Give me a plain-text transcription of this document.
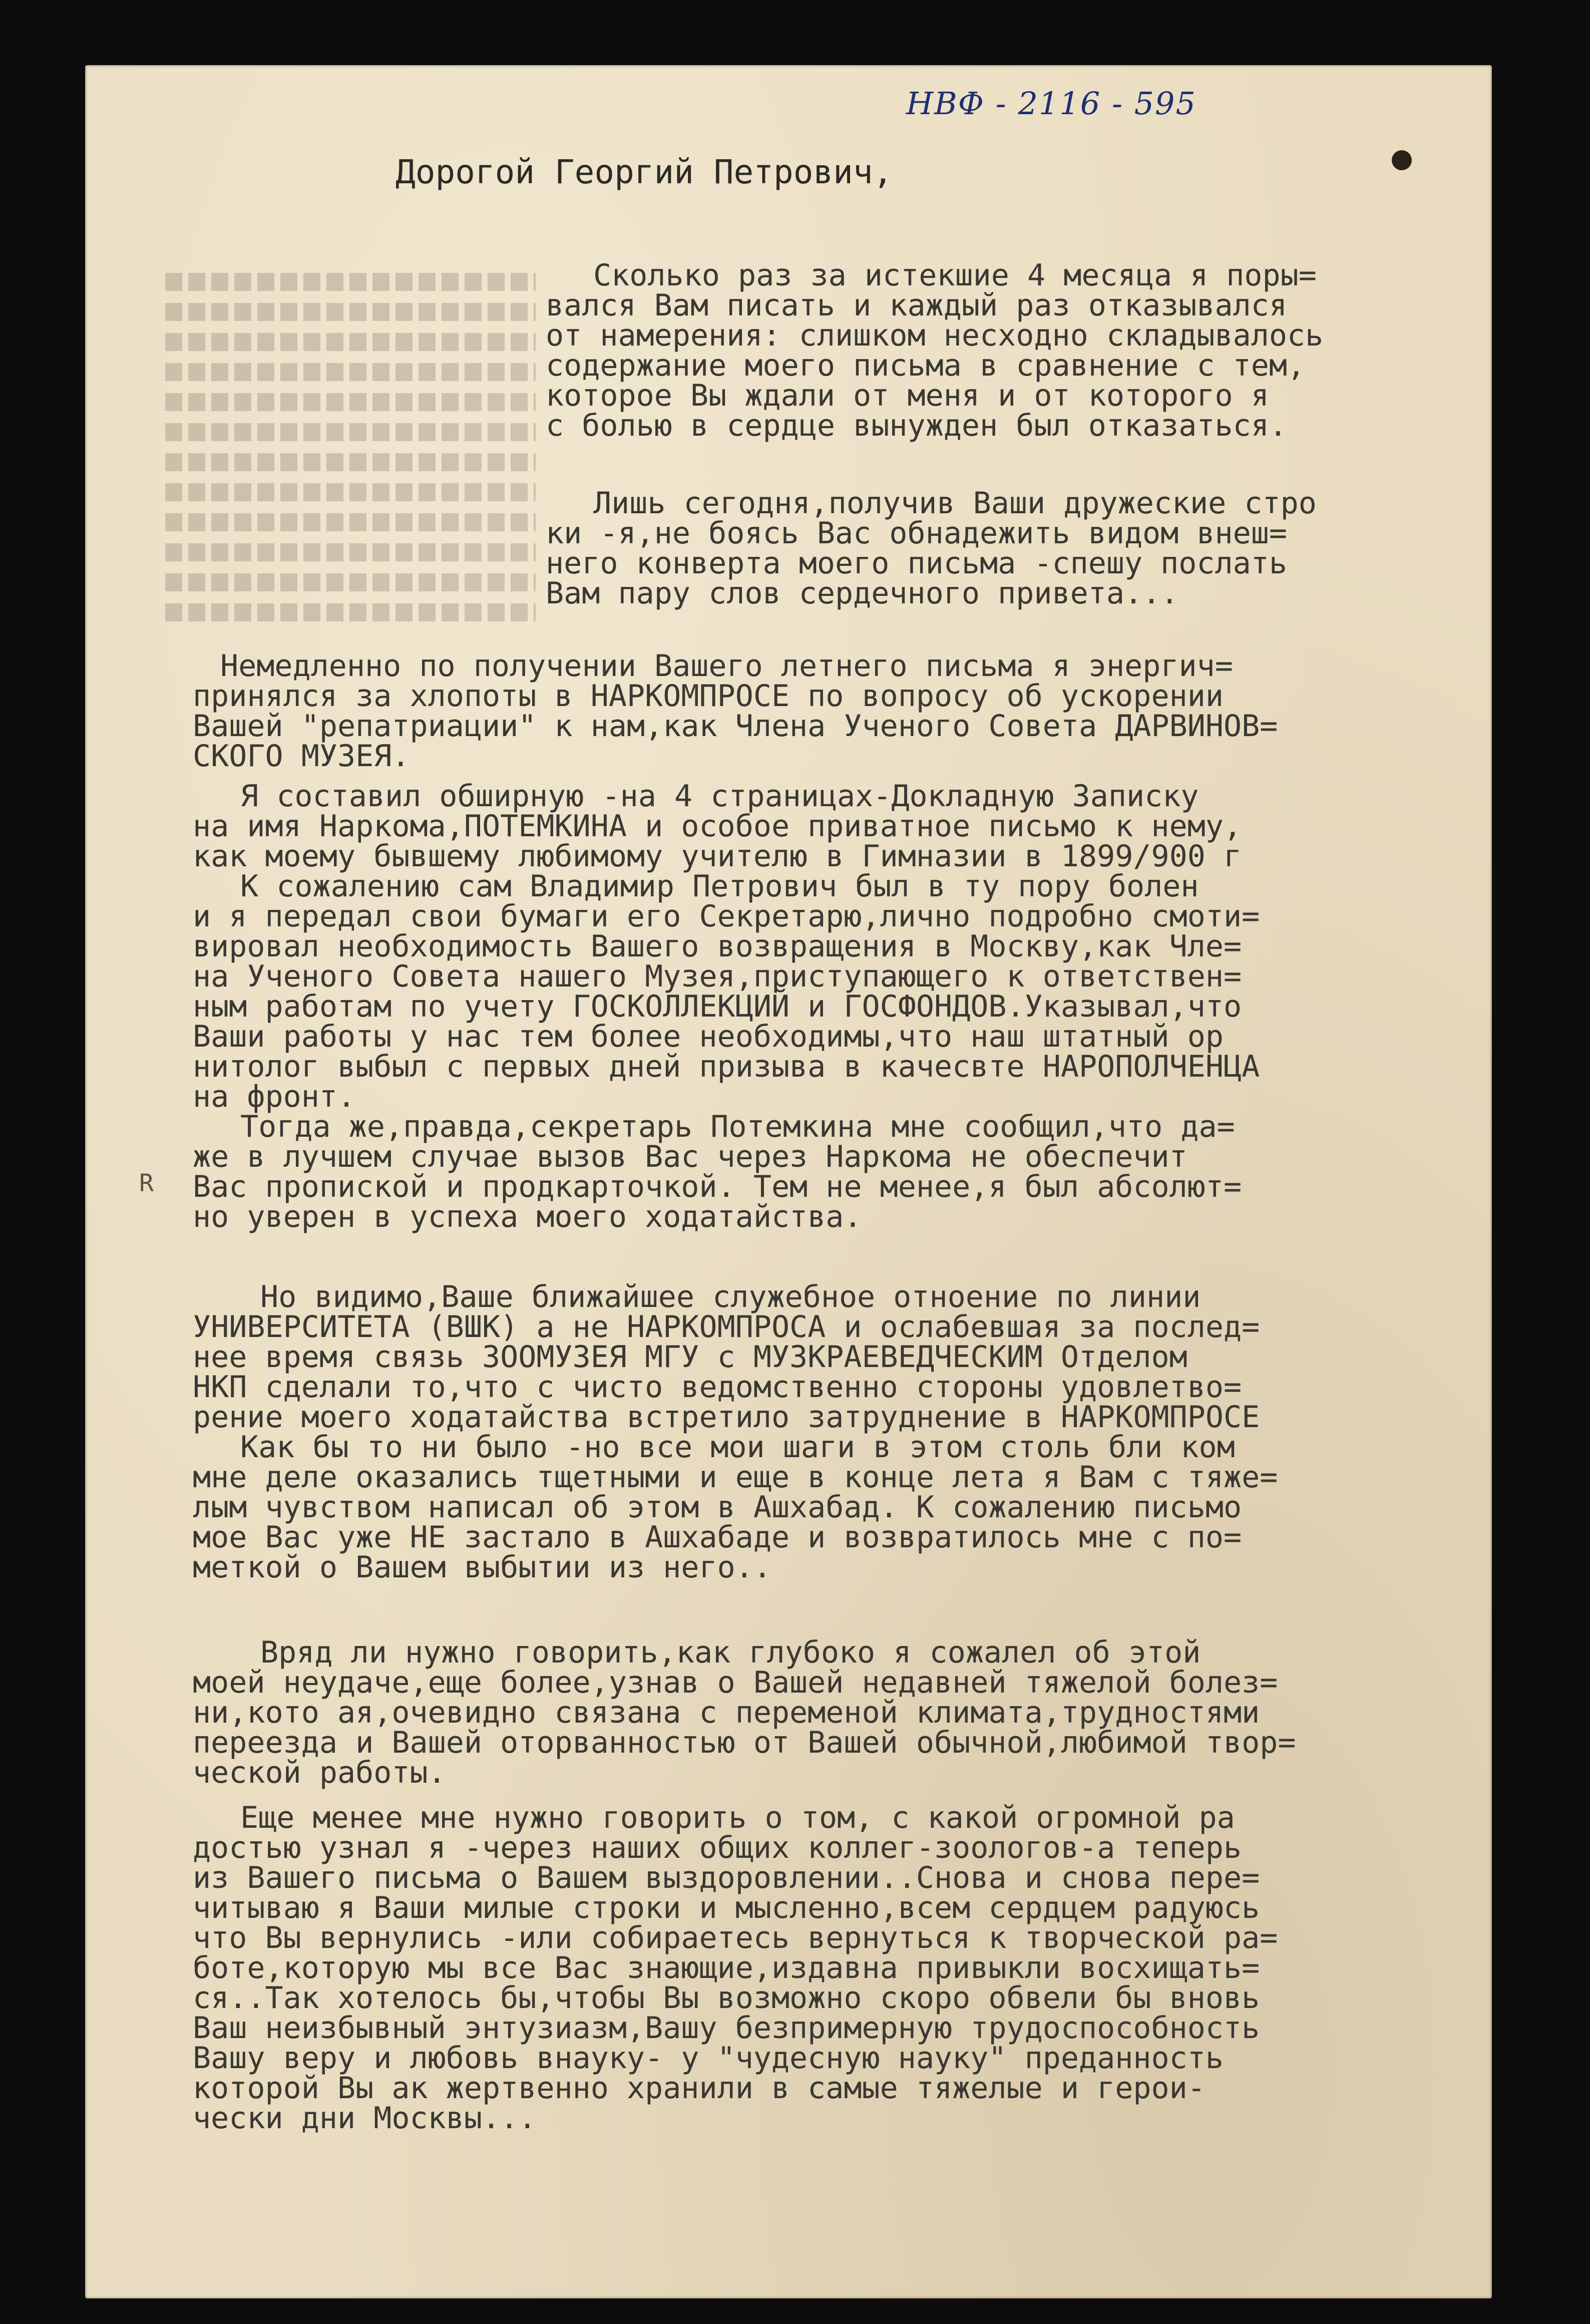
НВФ - 2116 - 595
Дорогой Георгий Петрович,
R
Сколько раз за истекшие 4 месяца я поры=
вался Вам писать и каждый раз отказывался
от намерения: слишком несходно складывалось
содержание моего письма в сравнение с тем,
которое Вы ждали от меня и от которого я
с болью в сердце вынужден был отказаться.
Лишь сегодня,получив Ваши дружеские стро
ки -я,не боясь Вас обнадежить видом внеш=
него конверта моего письма -спешу послать
Вам пару слов сердечного привета...
Немедленно по получении Вашего летнего письма я энергич=
принялся за хлопоты в НАРКОМПРОСЕ по вопросу об ускорении
Вашей "репатриации" к нам,как Члена Ученого Совета ДАРВИНОВ=
СКОГО МУЗЕЯ.
Я составил обширную -на 4 страницах-Докладную Записку
на имя Наркома,ПОТЕМКИНА и особое приватное письмо к нему,
как моему бывшему любимому учителю в Гимназии в 1899/900 г
К сожалению сам Владимир Петрович был в ту пору болен
и я передал свои бумаги его Секретарю,лично подробно смоти=
вировал необходимость Вашего возвращения в Москву,как Чле=
на Ученого Совета нашего Музея,приступающего к ответствен=
ным работам по учету ГОСКОЛЛЕКЦИЙ и ГОСФОНДОВ.Указывал,что
Ваши работы у нас тем более необходимы,что наш штатный ор
нитолог выбыл с первых дней призыва в качесвте НАРОПОЛЧЕНЦА
на фронт.
Тогда же,правда,секретарь Потемкина мне сообщил,что да=
же в лучшем случае вызов Вас через Наркома не обеспечит
Вас пропиской и продкарточкой. Тем не менее,я был абсолют=
но уверен в успеха моего ходатайства.
Но видимо,Ваше ближайшее служебное отноение по линии
УНИВЕРСИТЕТА (ВШК) а не НАРКОМПРОСА и ослабевшая за послед=
нее время связь ЗООМУЗЕЯ МГУ с МУЗКРАЕВЕДЧЕСКИМ Отделом
НКП сделали то,что с чисто ведомственно стороны удовлетво=
рение моего ходатайства встретило затруднение в НАРКОМПРОСЕ
Как бы то ни было -но все мои шаги в этом столь бли ком
мне деле оказались тщетными и еще в конце лета я Вам с тяже=
лым чувством написал об этом в Ашхабад. К сожалению письмо
мое Вас уже НЕ застало в Ашхабаде и возвратилось мне с по=
меткой о Вашем выбытии из него..
Вряд ли нужно говорить,как глубоко я сожалел об этой
моей неудаче,еще более,узнав о Вашей недавней тяжелой болез=
ни,кото ая,очевидно связана с переменой климата,трудностями
переезда и Вашей оторванностью от Вашей обычной,любимой твор=
ческой работы.
Еще менее мне нужно говорить о том, с какой огромной ра
достью узнал я -через наших общих коллег-зоологов-а теперь
из Вашего письма о Вашем выздоровлении..Снова и снова пере=
читываю я Ваши милые строки и мысленно,всем сердцем радуюсь
что Вы вернулись -или собираетесь вернуться к творческой ра=
боте,которую мы все Вас знающие,издавна привыкли восхищать=
ся..Так хотелось бы,чтобы Вы возможно скоро обвели бы вновь
Ваш неизбывный энтузиазм,Вашу безпримерную трудоспособность
Вашу веру и любовь внауку- у "чудесную науку" преданность
которой Вы ак жертвенно хранили в самые тяжелые и герои-
чески дни Москвы...
